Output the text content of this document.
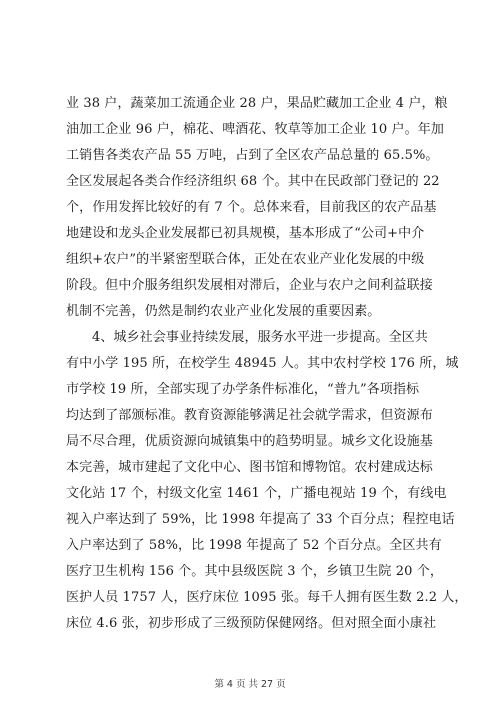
业 38 户，蔬菜加工流通企业 28 户，果品贮藏加工企业 4 户，粮
油加工企业 96 户，棉花、啤酒花、牧草等加工企业 10 户。年加
工销售各类农产品 55 万吨，占到了全区农产品总量的 65.5%。
全区发展起各类合作经济组织 68 个。其中在民政部门登记的 22
个，作用发挥比较好的有 7 个。总体来看，目前我区的农产品基
地建设和龙头企业发展都已初具规模，基本形成了“公司+中介
组织+农户”的半紧密型联合体，正处在农业产业化发展的中级
阶段。但中介服务组织发展相对滞后，企业与农户之间利益联接
机制不完善，仍然是制约农业产业化发展的重要因素。
4、城乡社会事业持续发展，服务水平进一步提高。全区共
有中小学 195 所，在校学生 48945 人。其中农村学校 176 所，城
市学校 19 所，全部实现了办学条件标准化，“普九”各项指标
均达到了部颁标准。教育资源能够满足社会就学需求，但资源布
局不尽合理，优质资源向城镇集中的趋势明显。城乡文化设施基
本完善，城市建起了文化中心、图书馆和博物馆。农村建成达标
文化站 17 个，村级文化室 1461 个，广播电视站 19 个，有线电
视入户率达到了 59%，比 1998 年提高了 33 个百分点；程控电话
入户率达到了 58%，比 1998 年提高了 52 个百分点。全区共有
医疗卫生机构 156 个。其中县级医院 3 个，乡镇卫生院 20 个，
医护人员 1757 人，医疗床位 1095 张。每千人拥有医生数 2.2 人，
床位 4.6 张，初步形成了三级预防保健网络。但对照全面小康社
第 4 页 共 27 页
